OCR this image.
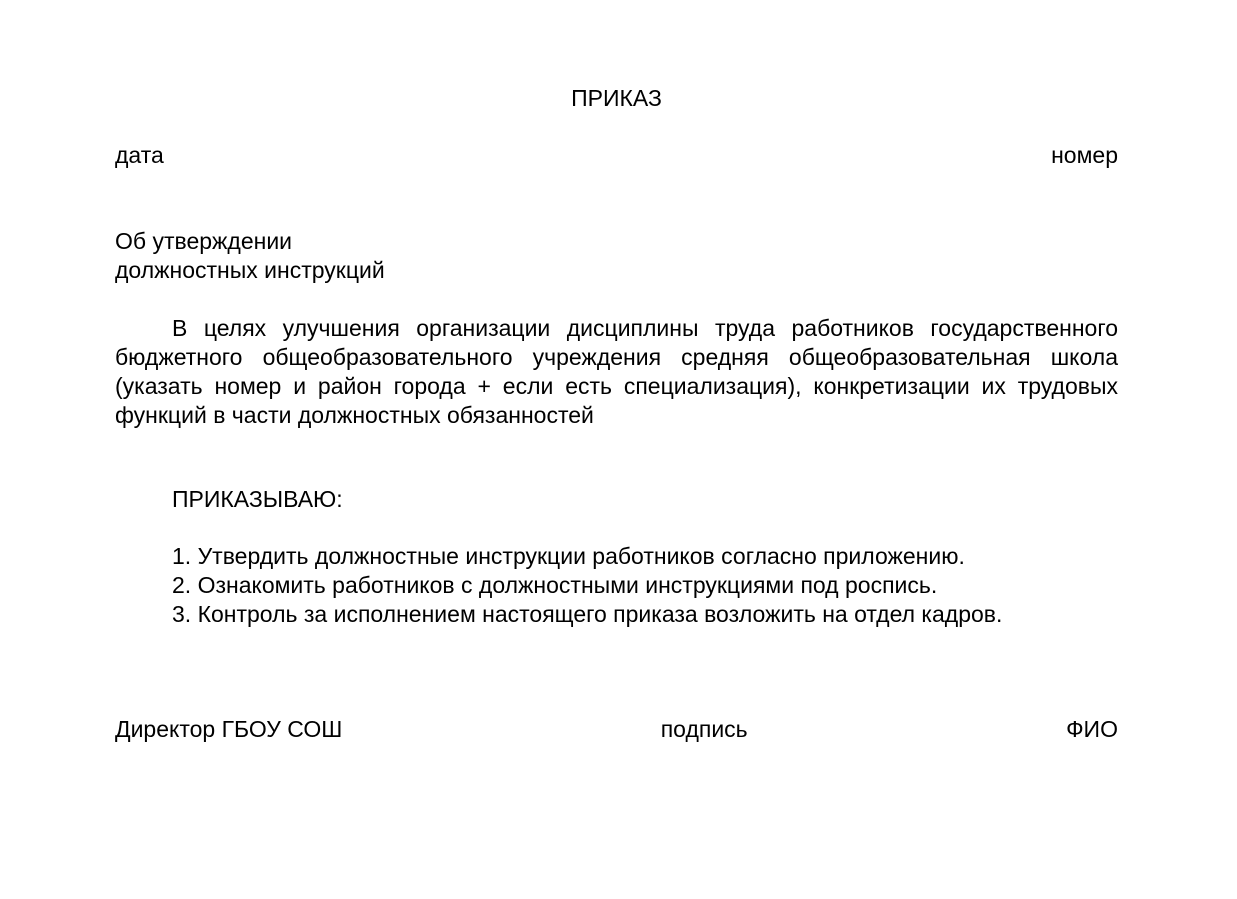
ПРИКАЗ
дата	номер
Об утверждении
должностных инструкций

В целях улучшения организации дисциплины труда работников государственного бюджетного общеобразовательного учреждения средняя общеобразовательная школа (указать номер и район города + если есть специализация), конкретизации их трудовых функций в части должностных обязанностей

ПРИКАЗЫВАЮ:
1. Утвердить должностные инструкции работников согласно приложению.
2. Ознакомить работников с должностными инструкциями под роспись.
3. Контроль за исполнением настоящего приказа возложить на отдел кадров.
Директор ГБОУ СОШ	подпись	ФИО
